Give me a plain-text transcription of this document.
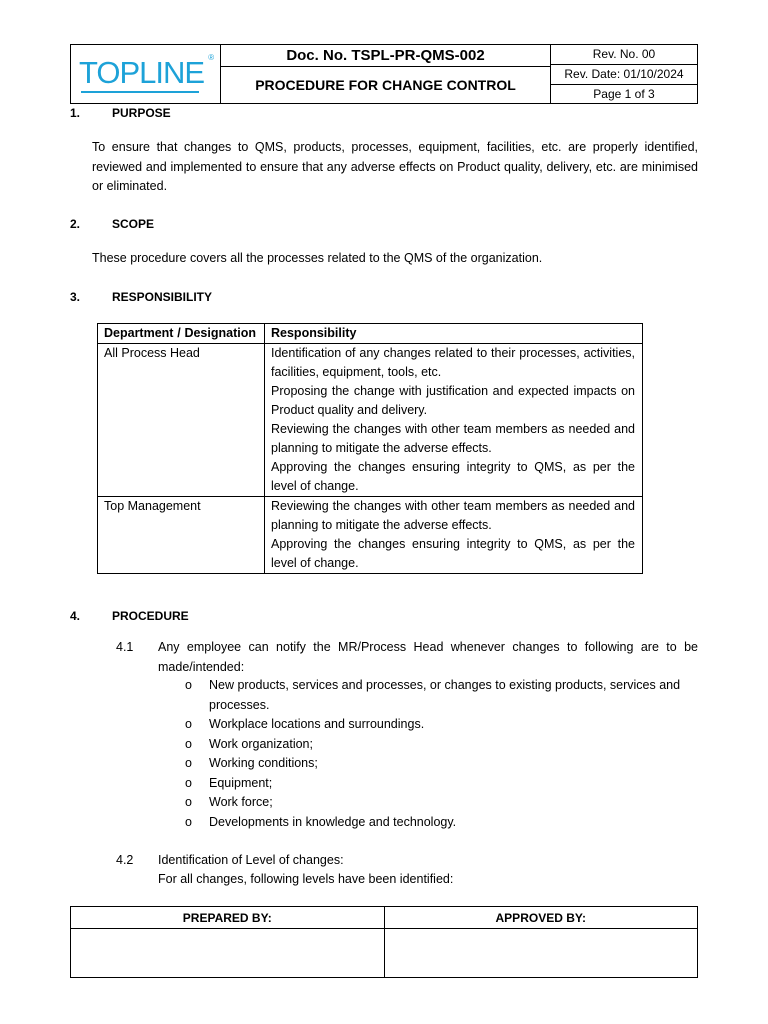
TOPLINE ®	Doc. No. TSPL-PR-QMS-002
PROCEDURE FOR CHANGE CONTROL
Rev. No. 00
Rev. Date: 01/10/2024
Page 1 of 3
1.	PURPOSE
To ensure that changes to QMS, products, processes, equipment, facilities, etc. are properly identified, reviewed and implemented to ensure that any adverse effects on Product quality, delivery, etc. are minimised or eliminated.
2.	SCOPE
These procedure covers all the processes related to the QMS of the organization.
3.	RESPONSIBILITY
Department / Designation	Responsibility
All Process Head	Identification of any changes related to their processes, activities, facilities, equipment, tools, etc.
Proposing the change with justification and expected impacts on Product quality and delivery.
Reviewing the changes with other team members as needed and planning to mitigate the adverse effects.
Approving the changes ensuring integrity to QMS, as per the level of change.

Top Management	Reviewing the changes with other team members as needed and planning to mitigate the adverse effects.
Approving the changes ensuring integrity to QMS, as per the level of change.
4.	PROCEDURE
4.1 Any employee can notify the MR/Process Head whenever changes to following are to be made/intended:
o New products, services and processes, or changes to existing products, services and processes.
o Workplace locations and surroundings.
o Work organization;
o Working conditions;
o Equipment;
o Work force;
o Developments in knowledge and technology.
4.2 Identification of Level of changes:
For all changes, following levels have been identified:
PREPARED BY:	APPROVED BY:
